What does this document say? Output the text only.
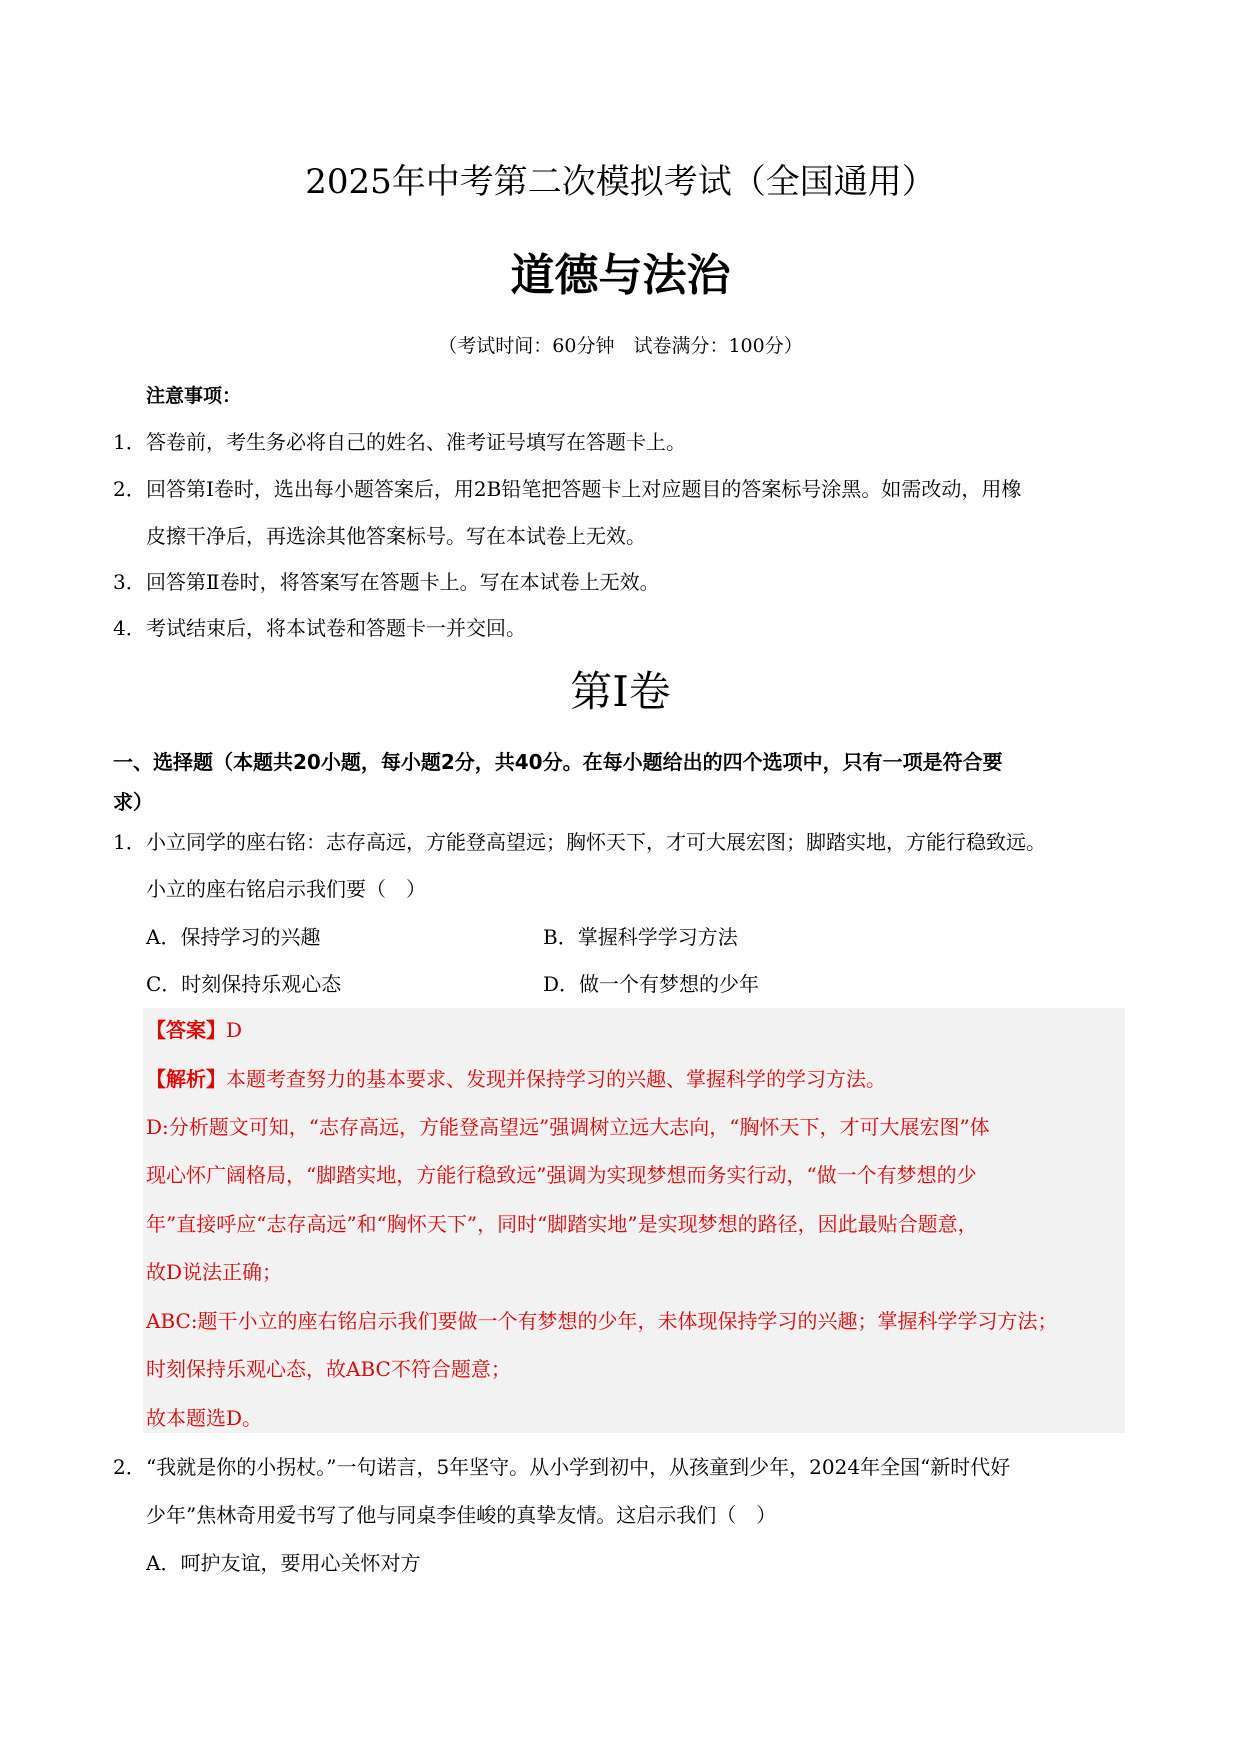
2025年中考第二次模拟考试（全国通用）
道德与法治
（考试时间：60分钟　试卷满分：100分）
注意事项：
1． 答卷前，考生务必将自己的姓名、准考证号填写在答题卡上。
2． 回答第Ⅰ卷时，选出每小题答案后，用2B铅笔把答题卡上对应题目的答案标号涂黑。如需改动，用橡
皮擦干净后，再选涂其他答案标号。写在本试卷上无效。
3． 回答第Ⅱ卷时，将答案写在答题卡上。写在本试卷上无效。
4． 考试结束后，将本试卷和答题卡一并交回。
第Ⅰ卷
一、选择题（本题共20小题，每小题2分，共40分。在每小题给出的四个选项中，只有一项是符合要
求）
1． 小立同学的座右铭：志存高远，方能登高望远；胸怀天下，才可大展宏图；脚踏实地，方能行稳致远。
小立的座右铭启示我们要（　）
A．保持学习的兴趣	B．掌握科学学习方法
C．时刻保持乐观心态	D．做一个有梦想的少年
【答案】D
【解析】本题考查努力的基本要求、发现并保持学习的兴趣、掌握科学的学习方法。
D:分析题文可知，“志存高远，方能登高望远”强调树立远大志向，“胸怀天下，才可大展宏图”体
现心怀广阔格局，“脚踏实地，方能行稳致远”强调为实现梦想而务实行动，“做一个有梦想的少
年”直接呼应“志存高远”和“胸怀天下”，同时“脚踏实地”是实现梦想的路径，因此最贴合题意，
故D说法正确；
ABC:题干小立的座右铭启示我们要做一个有梦想的少年，未体现保持学习的兴趣；掌握科学学习方法；
时刻保持乐观心态，故ABC不符合题意；
故本题选D。
2． “我就是你的小拐杖。”一句诺言，5年坚守。从小学到初中，从孩童到少年，2024年全国“新时代好
少年”焦林奇用爱书写了他与同桌李佳峻的真挚友情。这启示我们（　）
A．呵护友谊，要用心关怀对方
